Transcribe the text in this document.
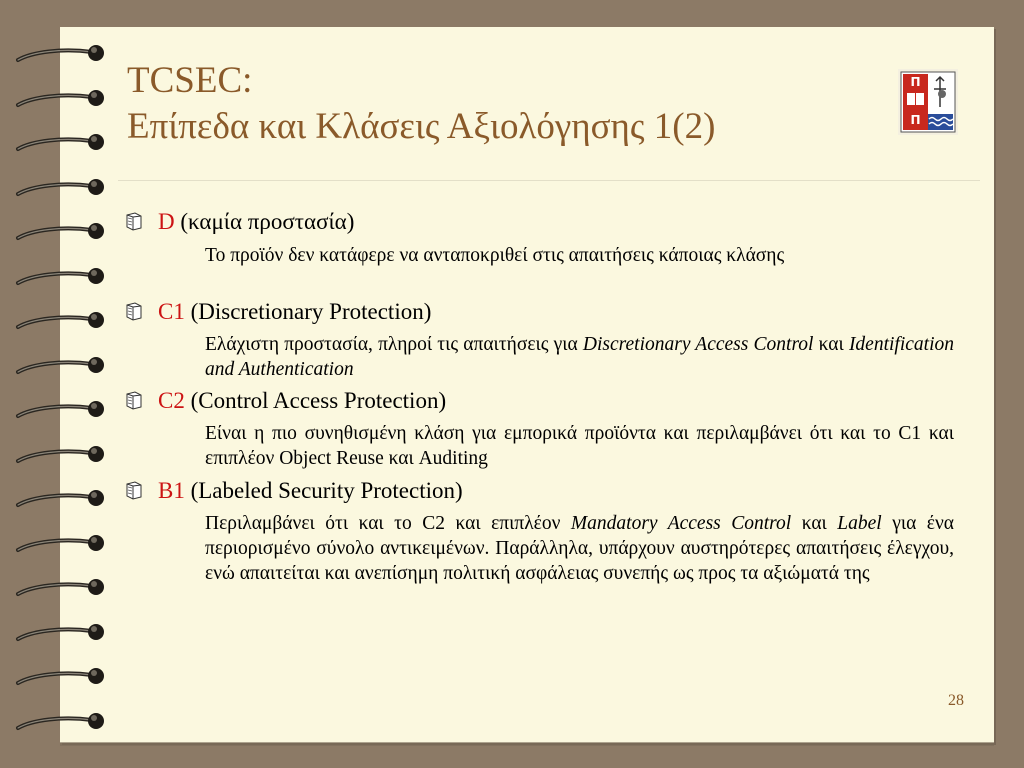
TCSEC:
Επίπεδα και Κλάσεις Αξιολόγησης 1(2)
Π
Π
D (καμία προστασία)
Το προϊόν δεν κατάφερε να ανταποκριθεί στις απαιτήσεις κάποιας κλάσης
C1 (Discretionary Protection)
Ελάχιστη προστασία, πληροί τις απαιτήσεις για Discretionary Access Control και Identification and Authentication
C2 (Control Access Protection)
Είναι η πιο συνηθισμένη κλάση για εμπορικά προϊόντα και περιλαμβάνει ότι και το C1 και επιπλέον Object Reuse και Auditing
B1 (Labeled Security Protection)
Περιλαμβάνει ότι και το C2 και επιπλέον Mandatory Access Control και Label για ένα περιορισμένο σύνολο αντικειμένων. Παράλληλα, υπάρχουν αυστηρότερες απαιτήσεις έλεγχου, ενώ απαιτείται και ανεπίσημη πολιτική ασφάλειας συνεπής ως προς τα αξιώματά της
28
